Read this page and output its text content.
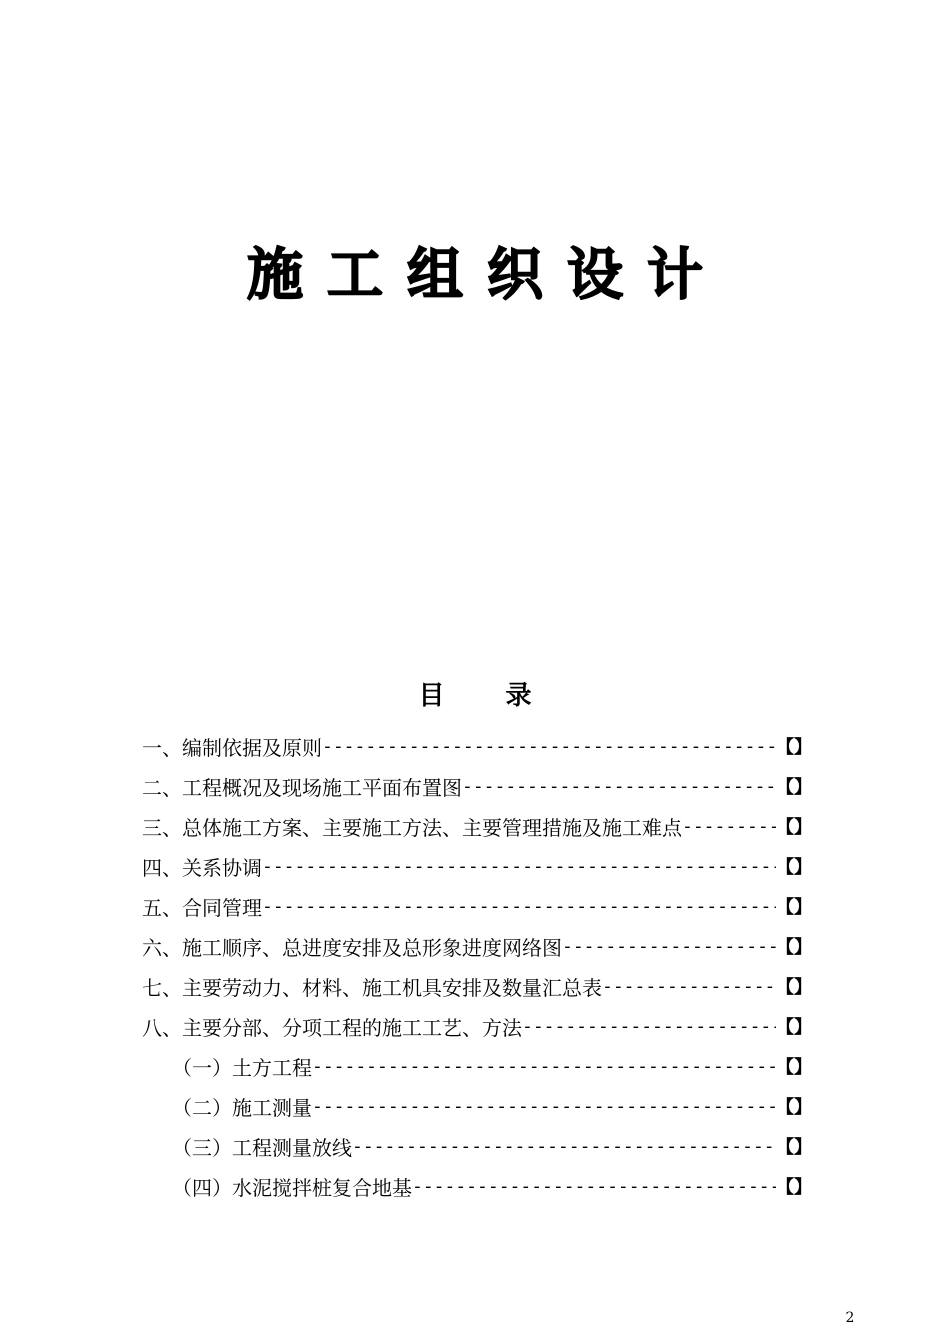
施工组织设计
目 录
一、编制依据及原则 -----	【】
二、工程概况及现场施工平面布置图 -----	【】
三、总体施工方案、主要施工方法、主要管理措施及施工难点 -----	【】
四、关系协调 -----	【】
五、合同管理 -----	【】
六、施工顺序、总进度安排及总形象进度网络图 -----	【】
七、主要劳动力、材料、施工机具安排及数量汇总表 -----	【】
八、主要分部、分项工程的施工工艺、方法 -----	【】
（一）土方工程 -----	【】
（二）施工测量 -----	【】
（三）工程测量放线 -----	【】
（四）水泥搅拌桩复合地基 -----	【】
2
